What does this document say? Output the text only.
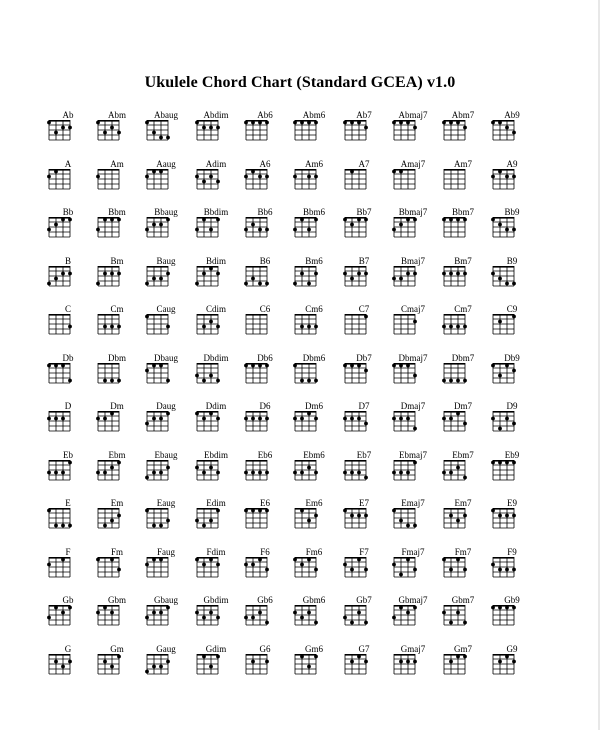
Ukulele Chord Chart (Standard GCEA) v1.0
Ab	Abm	Abaug	Abdim	Ab6	Abm6	Ab7	Abmaj7	Abm7	Ab9
A	Am	Aaug	Adim	A6	Am6	A7	Amaj7	Am7	A9
Bb	Bbm	Bbaug	Bbdim	Bb6	Bbm6	Bb7	Bbmaj7	Bbm7	Bb9
B	Bm	Baug	Bdim	B6	Bm6	B7	Bmaj7	Bm7	B9
C	Cm	Caug	Cdim	C6	Cm6	C7	Cmaj7	Cm7	C9
Db	Dbm	Dbaug	Dbdim	Db6	Dbm6	Db7	Dbmaj7	Dbm7	Db9
D	Dm	Daug	Ddim	D6	Dm6	D7	Dmaj7	Dm7	D9
Eb	Ebm	Ebaug	Ebdim	Eb6	Ebm6	Eb7	Ebmaj7	Ebm7	Eb9
E	Em	Eaug	Edim	E6	Em6	E7	Emaj7	Em7	E9
F	Fm	Faug	Fdim	F6	Fm6	F7	Fmaj7	Fm7	F9
Gb	Gbm	Gbaug	Gbdim	Gb6	Gbm6	Gb7	Gbmaj7	Gbm7	Gb9
G	Gm	Gaug	Gdim	G6	Gm6	G7	Gmaj7	Gm7	G9
